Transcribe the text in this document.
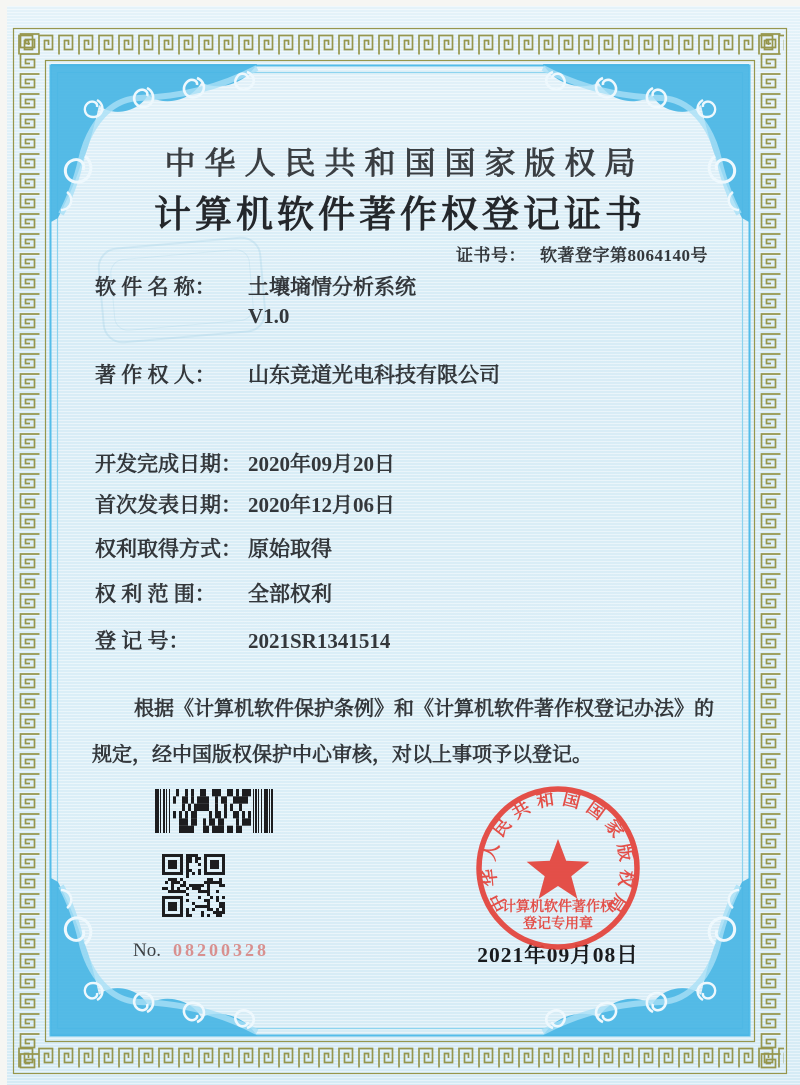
中华人民共和国国家版权局
计算机软件著作权登记证书
证书号： 软著登字第8064140号
软 件 名 称：	土壤墒情分析系统
V1.0
著 作 权 人：	山东竞道光电科技有限公司
开发完成日期： 2020年09月20日
首次发表日期： 2020年12月06日
权利取得方式： 原始取得
权 利 范 围：	全部权利
登 记 号：	2021SR1341514
根据《计算机软件保护条例》和《计算机软件著作权登记办法》的
规定，经中国版权保护中心审核，对以上事项予以登记。
No. 08200328
中华人民共和国国家版权局
计算机软件著作权
登记专用章
2021年09月08日
